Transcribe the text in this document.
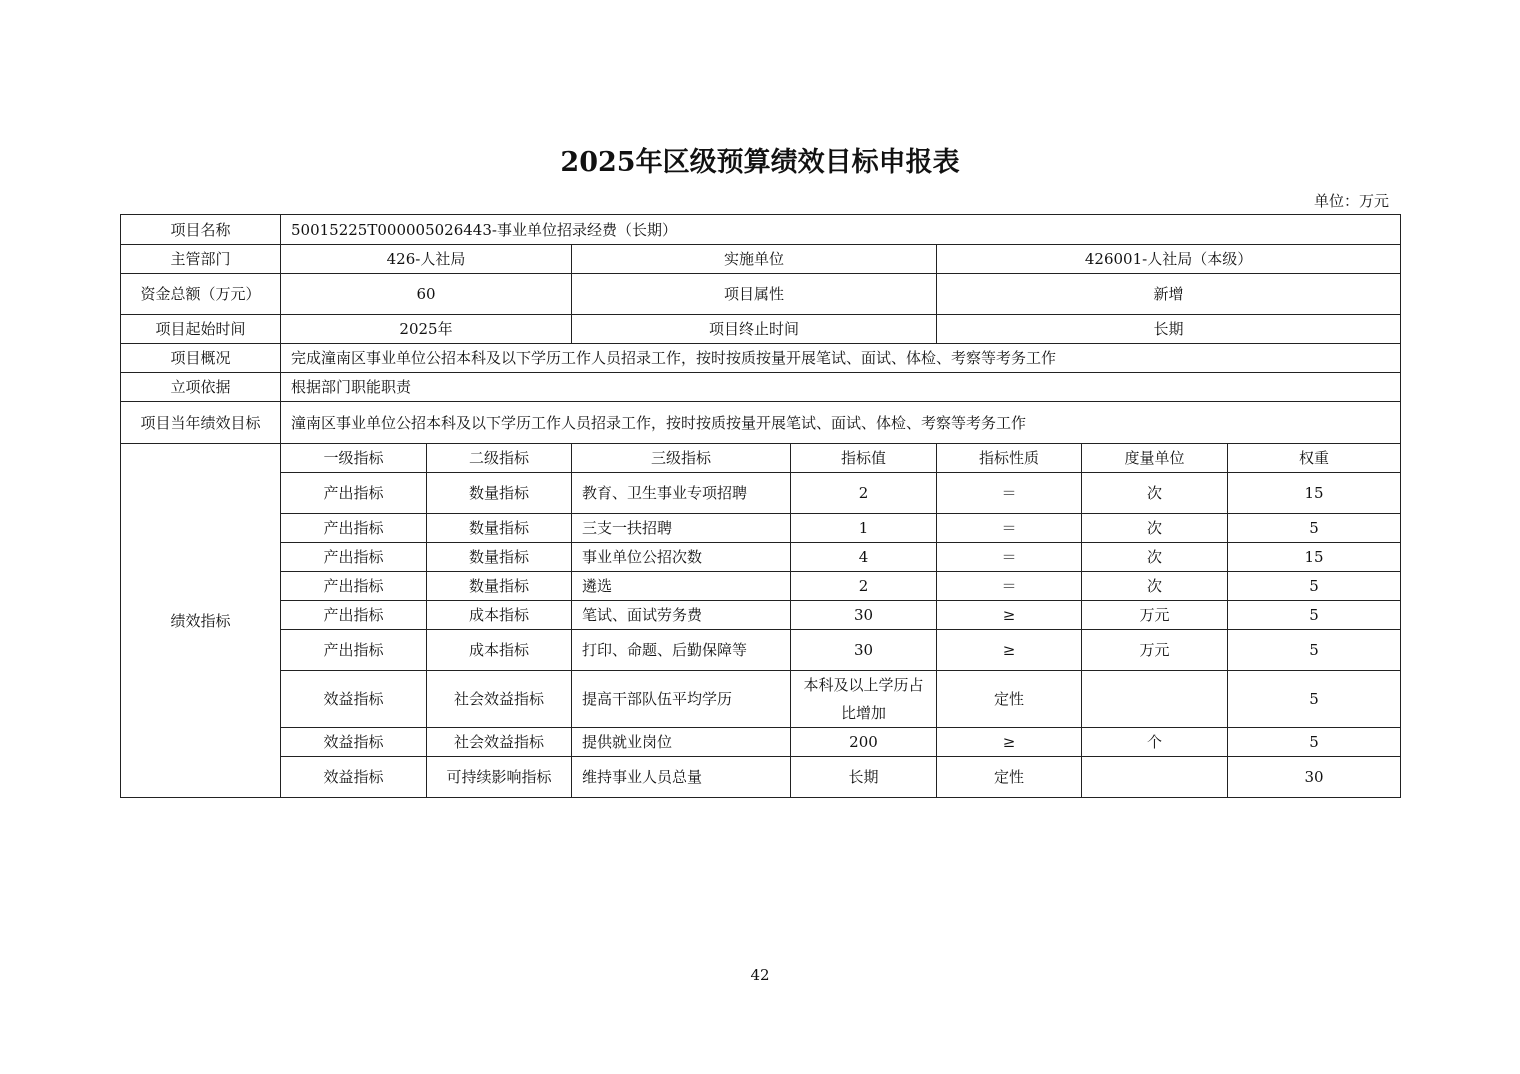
2025年区级预算绩效目标申报表
单位：万元
项目名称	50015225T000005026443-事业单位招录经费（长期）						
主管部门	426-人社局		实施单位		426001-人社局（本级）		
资金总额（万元）	60		项目属性		新增		
项目起始时间	2025年		项目终止时间		长期		
项目概况	完成潼南区事业单位公招本科及以下学历工作人员招录工作，按时按质按量开展笔试、面试、体检、考察等考务工作						
立项依据	根据部门职能职责						
项目当年绩效目标	潼南区事业单位公招本科及以下学历工作人员招录工作，按时按质按量开展笔试、面试、体检、考察等考务工作						
绩效指标	一级指标	二级指标	三级指标	指标值	指标性质	度量单位	权重
	产出指标	数量指标	教育、卫生事业专项招聘	2	＝	次	15
	产出指标	数量指标	三支一扶招聘	1	＝	次	5
	产出指标	数量指标	事业单位公招次数	4	＝	次	15
	产出指标	数量指标	遴选	2	＝	次	5
	产出指标	成本指标	笔试、面试劳务费	30	≥	万元	5
	产出指标	成本指标	打印、命题、后勤保障等	30	≥	万元	5
	效益指标	社会效益指标	提高干部队伍平均学历	本科及以上学历占比增加	定性		5
	效益指标	社会效益指标	提供就业岗位	200	≥	个	5
	效益指标	可持续影响指标	维持事业人员总量	长期	定性		30
42
